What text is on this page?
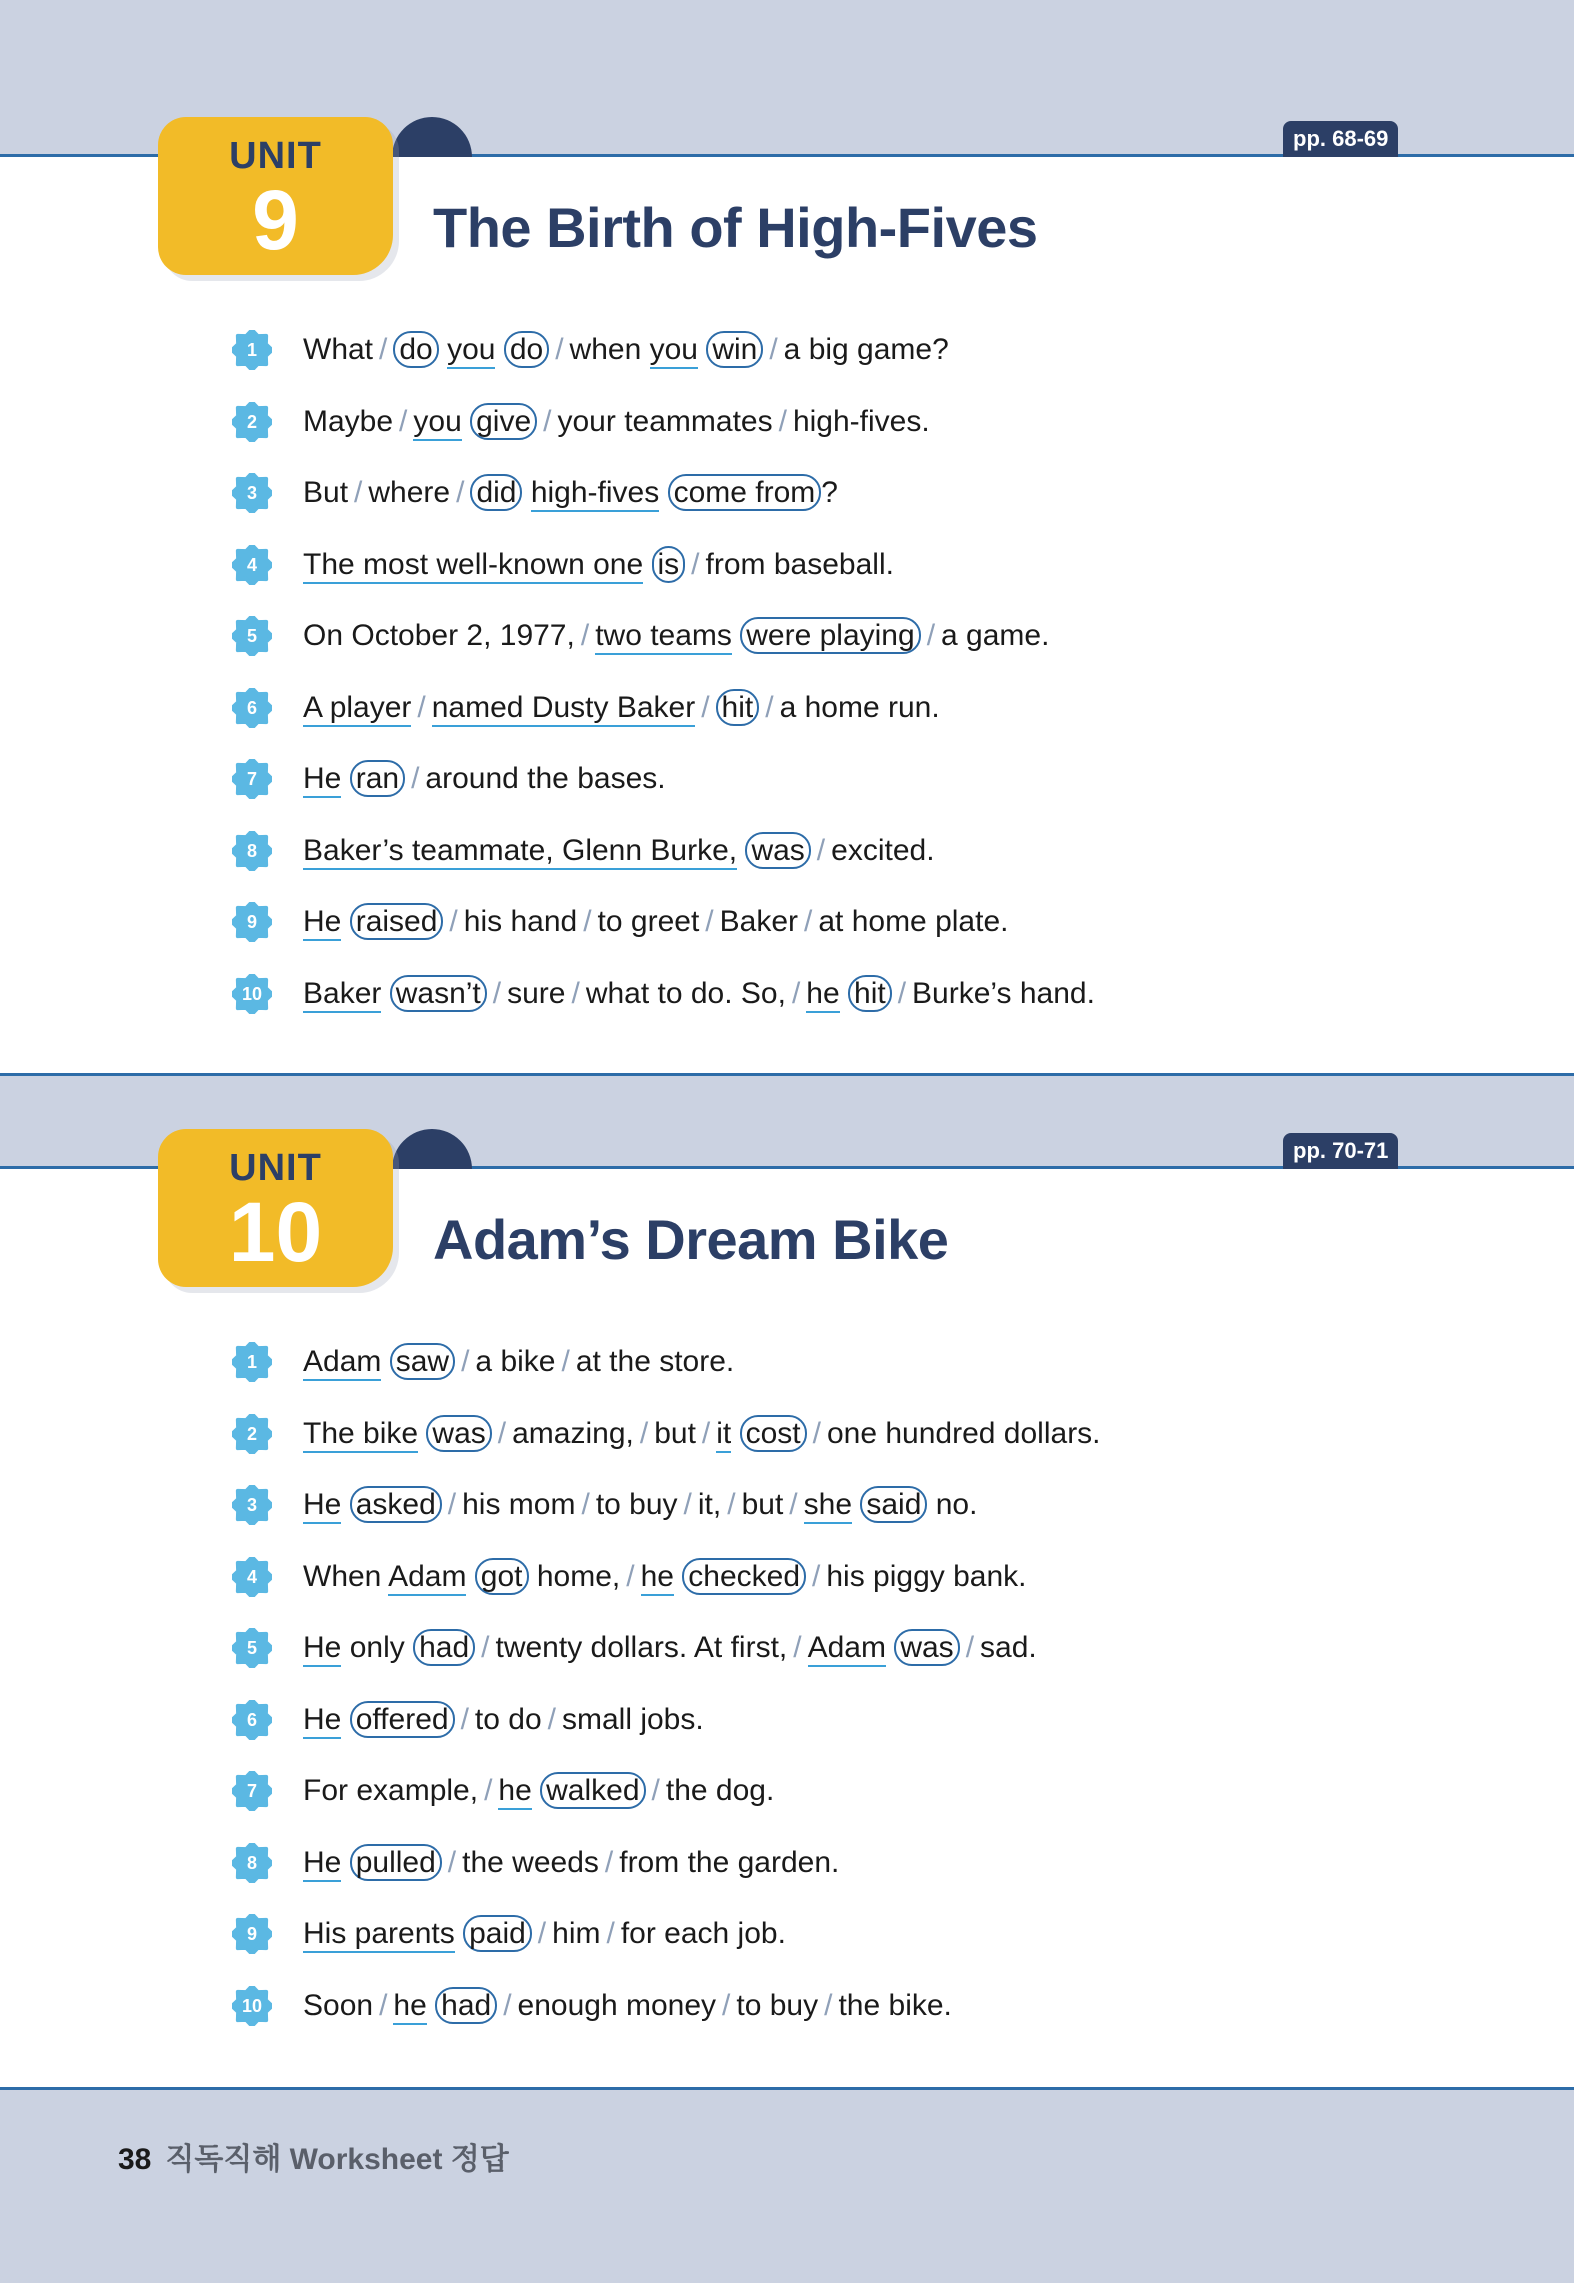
UNIT
9
pp. 68-69
The Birth of High-Fives
UNIT
10
pp. 70-71
Adam’s Dream Bike
1	What / do you do / when you win / a big game?
2	Maybe / you give / your teammates / high-fives.
3	But / where / did high-fives come from ?
4	The most well-known one is / from baseball.
5	On October 2, 1977, / two teams were playing / a game.
6	A player / named Dusty Baker / hit / a home run.
7	He ran / around the bases.
8	Baker’s teammate, Glenn Burke, was / excited.
9	He raised / his hand / to greet / Baker / at home plate.
10	Baker wasn’t / sure / what to do. So, / he hit / Burke’s hand.
1	Adam saw / a bike / at the store.
2	The bike was / amazing, / but / it cost / one hundred dollars.
3	He asked / his mom / to buy / it, / but / she said no.
4	When Adam got home, / he checked / his piggy bank.
5	He only had / twenty dollars. At first, / Adam was / sad.
6	He offered / to do / small jobs.
7	For example, / he walked / the dog.
8	He pulled / the weeds / from the garden.
9	His parents paid / him / for each job.
10	Soon / he had / enough money / to buy / the bike.
38 직독직해 Worksheet 정답
